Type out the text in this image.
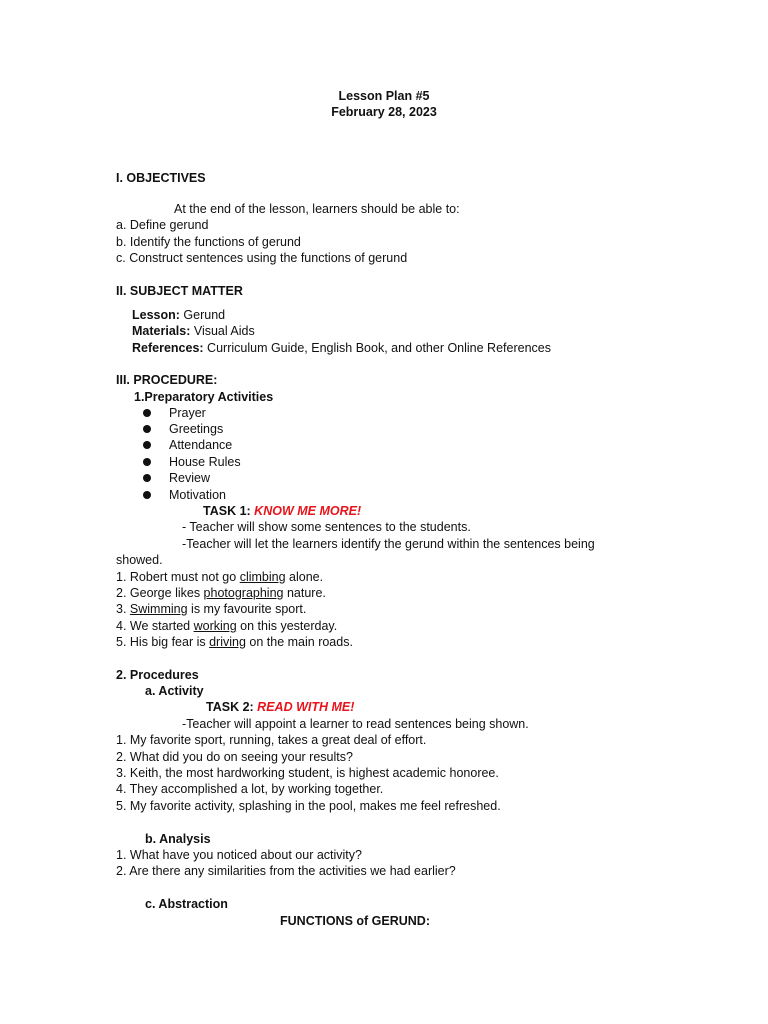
Lesson Plan #5
February 28, 2023
I. OBJECTIVES
At the end of the lesson, learners should be able to:
a. Define gerund
b. Identify the functions of gerund
c. Construct sentences using the functions of gerund
II. SUBJECT MATTER
Lesson: Gerund
Materials: Visual Aids
References: Curriculum Guide, English Book, and other Online References
III. PROCEDURE:
1.Preparatory Activities
Prayer
Greetings
Attendance
House Rules
Review
Motivation
TASK 1: KNOW ME MORE!
- Teacher will show some sentences to the students.
-Teacher will let the learners identify the gerund within the sentences being
showed.
1. Robert must not go climbing alone.
2. George likes photographing nature.
3. Swimming is my favourite sport.
4. We started working on this yesterday.
5. His big fear is driving on the main roads.
2. Procedures
a. Activity
TASK 2: READ WITH ME!
-Teacher will appoint a learner to read sentences being shown.
1. My favorite sport, running, takes a great deal of effort.
2. What did you do on seeing your results?
3. Keith, the most hardworking student, is highest academic honoree.
4. They accomplished a lot, by working together.
5. My favorite activity, splashing in the pool, makes me feel refreshed.
b. Analysis
1. What have you noticed about our activity?
2. Are there any similarities from the activities we had earlier?
c. Abstraction
FUNCTIONS of GERUND:
